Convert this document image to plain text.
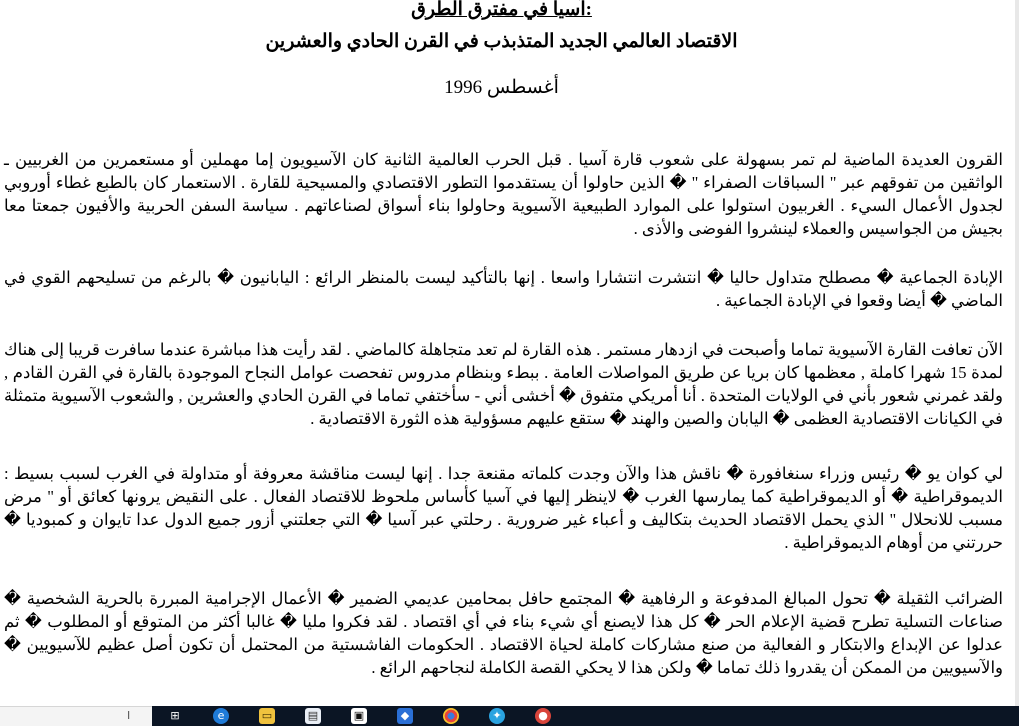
:آسيا في مفترق الطرق
الاقتصاد العالمي الجديد المتذبذب في القرن الحادي والعشرين
أغسطس 1996

القرون العديدة الماضية لم تمر بسهولة على شعوب قارة آسيا . قبل الحرب العالمية الثانية كان الآسيويون إما مهملين أو مستعمرين من الغربيين ـ الواثقين من تفوقهم عبر " السباقات الصفراء " � الذين حاولوا أن يستقدموا التطور الاقتصادي والمسيحية للقارة . الاستعمار كان بالطبع غطاء أوروبي لجدول الأعمال السيء . الغربيون استولوا على الموارد الطبيعية الآسيوية وحاولوا بناء أسواق لصناعاتهم . سياسة السفن الحربية والأفيون جمعتا معا بجيش من الجواسيس والعملاء لينشروا الفوضى والأذى .

الإبادة الجماعية � مصطلح متداول حاليا � انتشرت انتشارا واسعا . إنها بالتأكيد ليست بالمنظر الرائع : اليابانيون � بالرغم من تسليحهم القوي في الماضي � أيضا وقعوا في الإبادة الجماعية .

الآن تعافت القارة الآسيوية تماما وأصبحت في ازدهار مستمر . هذه القارة لم تعد متجاهلة كالماضي . لقد رأيت هذا مباشرة عندما سافرت قريبا إلى هناك لمدة 15 شهرا كاملة , معظمها كان بريا عن طريق المواصلات العامة . ببطء وبنظام مدروس تفحصت عوامل النجاح الموجودة بالقارة في القرن القادم , ولقد غمرني شعور بأني في الولايات المتحدة . أنا أمريكي متفوق � أخشى أني - سأختفي تماما في القرن الحادي والعشرين , والشعوب الآسيوية متمثلة في الكيانات الاقتصادية العظمى � اليابان والصين والهند � ستقع عليهم مسؤولية هذه الثورة الاقتصادية .

لي كوان يو � رئيس وزراء سنغافورة � ناقش هذا والآن وجدت كلماته مقنعة جدا . إنها ليست مناقشة معروفة أو متداولة في الغرب لسبب بسيط : الديموقراطية � أو الديموقراطية كما يمارسها الغرب � لاينظر إليها في آسيا كأساس ملحوظ للاقتصاد الفعال . على النقيض يرونها كعائق أو " مرض مسبب للانحلال " الذي يحمل الاقتصاد الحديث بتكاليف و أعباء غير ضرورية . رحلتي عبر آسيا � التي جعلتني أزور جميع الدول عدا تايوان و كمبوديا � حررتني من أوهام الديموقراطية .

الضرائب الثقيلة � تحول المبالغ المدفوعة و الرفاهية � المجتمع حافل بمحامين عديمي الضمير � الأعمال الإجرامية المبررة بالحرية الشخصية � صناعات التسلية تطرح قضية الإعلام الحر � كل هذا لايصنع أي شيء بناء في أي اقتصاد . لقد فكروا مليا � غالبا أكثر من المتوقع أو المطلوب � ثم عدلوا عن الإبداع والابتكار و الفعالية من صنع مشاركات كاملة لحياة الاقتصاد . الحكومات الفاشستية من المحتمل أن تكون أصل عظيم للآسيويين � والآسيويين من الممكن أن يقدروا ذلك تماما � ولكن هذا لا يحكي القصة الكاملة لنجاحهم الرائع .

I	⊞	e	▭	▤	▣	◆	✦	●
